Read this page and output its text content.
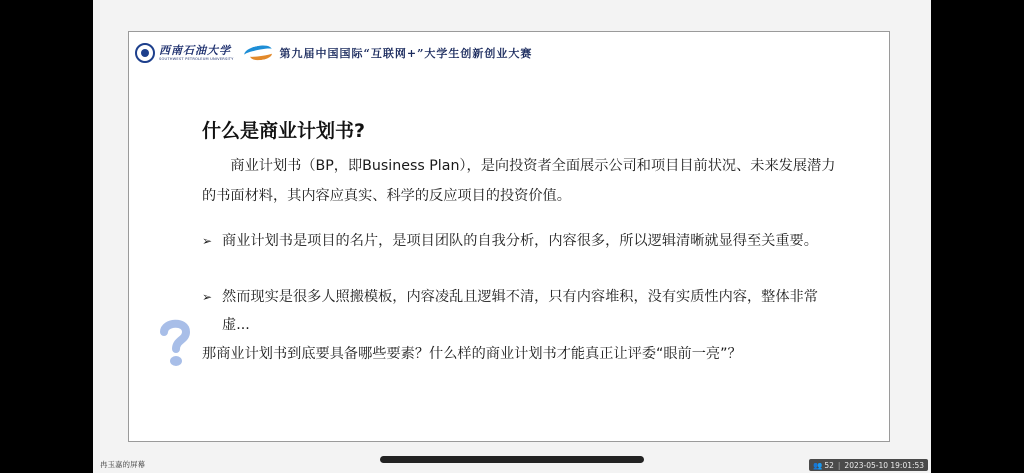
西南石油大学
SOUTHWEST PETROLEUM UNIVERSITY	第九届中国国际“互联网+”大学生创新创业大赛
什么是商业计划书?

商业计划书（BP，即Business Plan），是向投资者全面展示公司和项目目前状况、未来发展潜力的书面材料，其内容应真实、科学的反应项目的投资价值。

➢ 商业计划书是项目的名片，是项目团队的自我分析，内容很多，所以逻辑清晰就显得至关重要。
➢ 然而现实是很多人照搬模板，内容凌乱且逻辑不清，只有内容堆积，没有实质性内容，整体非常虚...
那商业计划书到底要具备哪些要素？什么样的商业计划书才能真正让评委“眼前一亮”？
冉玉嘉的屏幕	👥 52 | 2023-05-10 19:01:53
